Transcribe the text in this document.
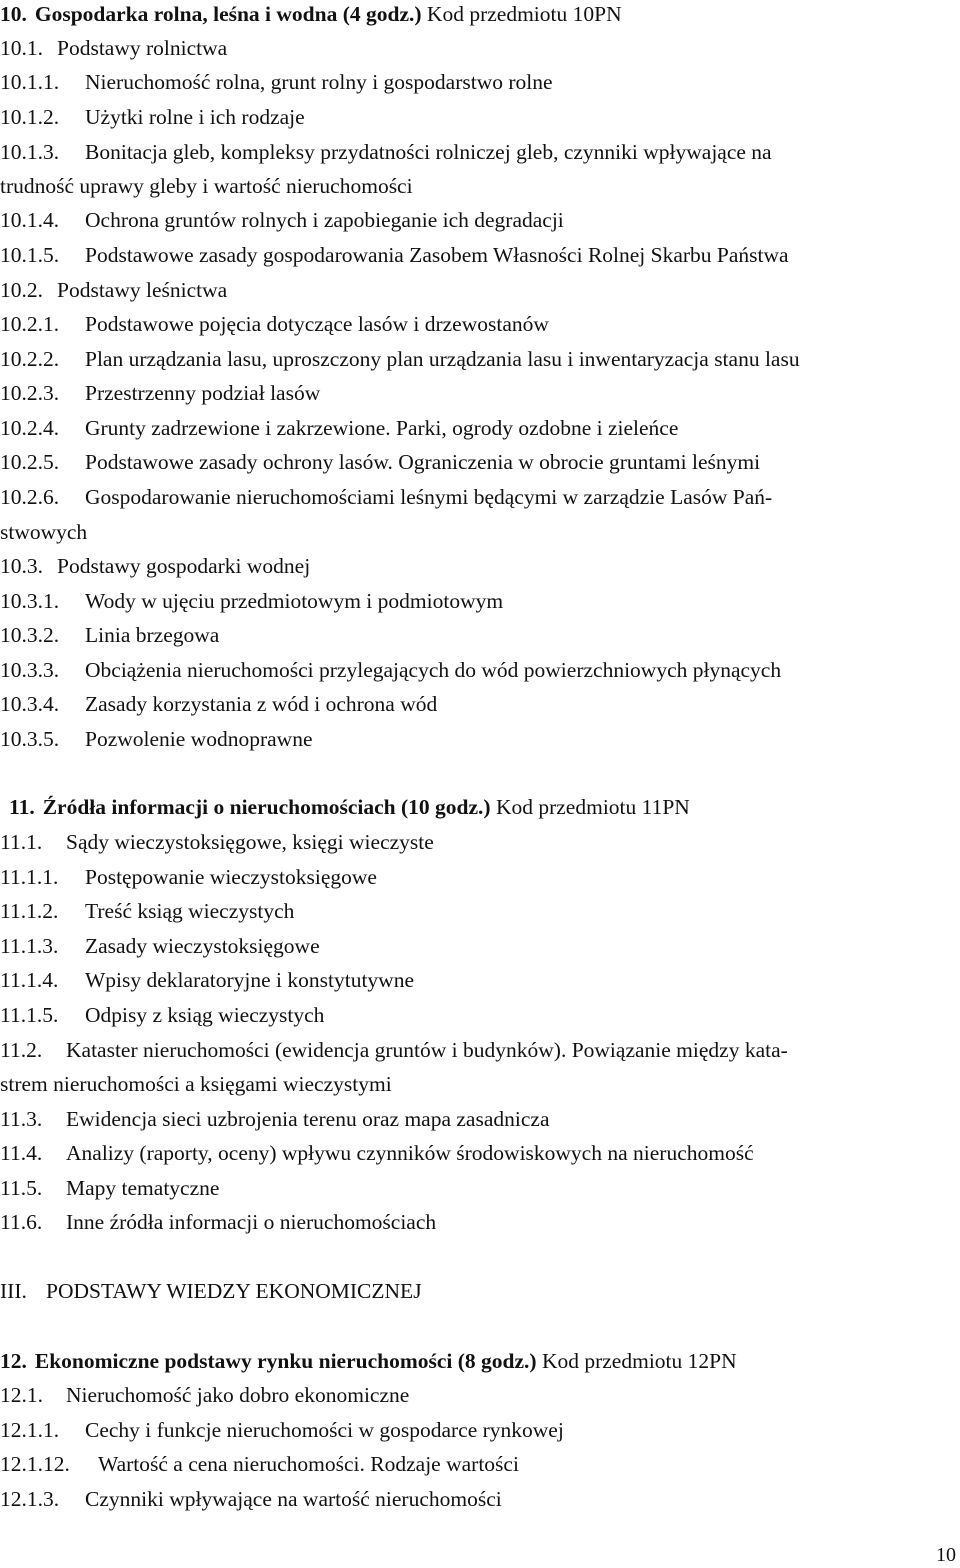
10. Gospodarka rolna, leśna i wodna (4 godz.) Kod przedmiotu 10PN
10.1. Podstawy rolnictwa
10.1.1. Nieruchomość rolna, grunt rolny i gospodarstwo rolne
10.1.2. Użytki rolne i ich rodzaje
10.1.3. Bonitacja gleb, kompleksy przydatności rolniczej gleb, czynniki wpływające na
trudność uprawy gleby i wartość nieruchomości
10.1.4. Ochrona gruntów rolnych i zapobieganie ich degradacji
10.1.5. Podstawowe zasady gospodarowania Zasobem Własności Rolnej Skarbu Państwa
10.2. Podstawy leśnictwa
10.2.1. Podstawowe pojęcia dotyczące lasów i drzewostanów
10.2.2. Plan urządzania lasu, uproszczony plan urządzania lasu i inwentaryzacja stanu lasu
10.2.3. Przestrzenny podział lasów
10.2.4. Grunty zadrzewione i zakrzewione. Parki, ogrody ozdobne i zieleńce
10.2.5. Podstawowe zasady ochrony lasów. Ograniczenia w obrocie gruntami leśnymi
10.2.6. Gospodarowanie nieruchomościami leśnymi będącymi w zarządzie Lasów Pań-
stwowych
10.3. Podstawy gospodarki wodnej
10.3.1. Wody w ujęciu przedmiotowym i podmiotowym
10.3.2. Linia brzegowa
10.3.3. Obciążenia nieruchomości przylegających do wód powierzchniowych płynących
10.3.4. Zasady korzystania z wód i ochrona wód
10.3.5. Pozwolenie wodnoprawne
11. Źródła informacji o nieruchomościach (10 godz.) Kod przedmiotu 11PN
11.1. Sądy wieczystoksięgowe, księgi wieczyste
11.1.1. Postępowanie wieczystoksięgowe
11.1.2. Treść ksiąg wieczystych
11.1.3. Zasady wieczystoksięgowe
11.1.4. Wpisy deklaratoryjne i konstytutywne
11.1.5. Odpisy z ksiąg wieczystych
11.2. Kataster nieruchomości (ewidencja gruntów i budynków). Powiązanie między kata-
strem nieruchomości a księgami wieczystymi
11.3. Ewidencja sieci uzbrojenia terenu oraz mapa zasadnicza
11.4. Analizy (raporty, oceny) wpływu czynników środowiskowych na nieruchomość
11.5. Mapy tematyczne
11.6. Inne źródła informacji o nieruchomościach
III. PODSTAWY WIEDZY EKONOMICZNEJ
12. Ekonomiczne podstawy rynku nieruchomości (8 godz.) Kod przedmiotu 12PN
12.1. Nieruchomość jako dobro ekonomiczne
12.1.1. Cechy i funkcje nieruchomości w gospodarce rynkowej
12.1.12. Wartość a cena nieruchomości. Rodzaje wartości
12.1.3. Czynniki wpływające na wartość nieruchomości
10
